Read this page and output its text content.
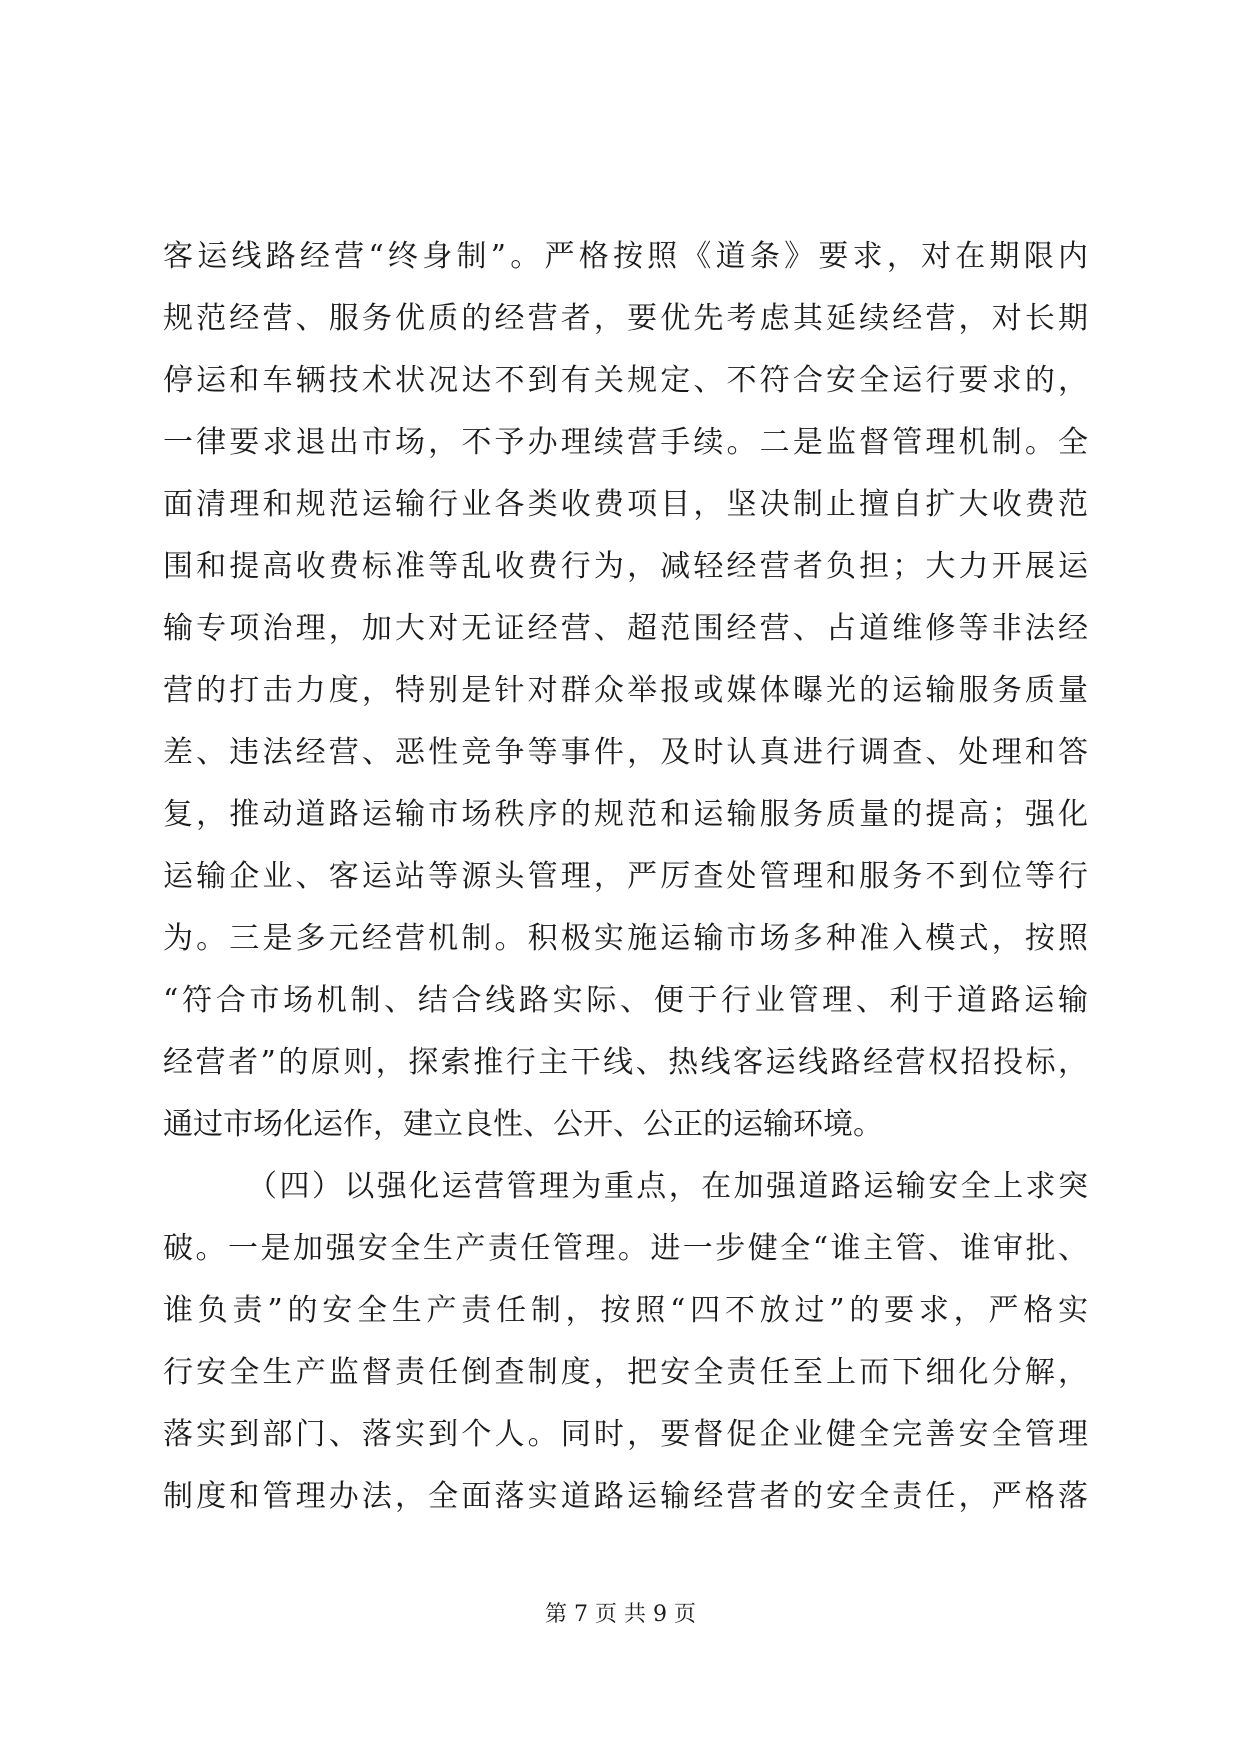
客运线路经营“终身制”。严格按照《道条》要求，对在期限内
规范经营、服务优质的经营者，要优先考虑其延续经营，对长期
停运和车辆技术状况达不到有关规定、不符合安全运行要求的，
一律要求退出市场，不予办理续营手续。二是监督管理机制。全
面清理和规范运输行业各类收费项目，坚决制止擅自扩大收费范
围和提高收费标准等乱收费行为，减轻经营者负担；大力开展运
输专项治理，加大对无证经营、超范围经营、占道维修等非法经
营的打击力度，特别是针对群众举报或媒体曝光的运输服务质量
差、违法经营、恶性竞争等事件，及时认真进行调查、处理和答
复，推动道路运输市场秩序的规范和运输服务质量的提高；强化
运输企业、客运站等源头管理，严厉查处管理和服务不到位等行
为。三是多元经营机制。积极实施运输市场多种准入模式，按照
“符合市场机制、结合线路实际、便于行业管理、利于道路运输
经营者”的原则，探索推行主干线、热线客运线路经营权招投标，
通过市场化运作，建立良性、公开、公正的运输环境。
（四）以强化运营管理为重点，在加强道路运输安全上求突
破。一是加强安全生产责任管理。进一步健全“谁主管、谁审批、
谁负责”的安全生产责任制，按照“四不放过”的要求，严格实
行安全生产监督责任倒查制度，把安全责任至上而下细化分解，
落实到部门、落实到个人。同时，要督促企业健全完善安全管理
制度和管理办法，全面落实道路运输经营者的安全责任，严格落
第 7 页 共 9 页
